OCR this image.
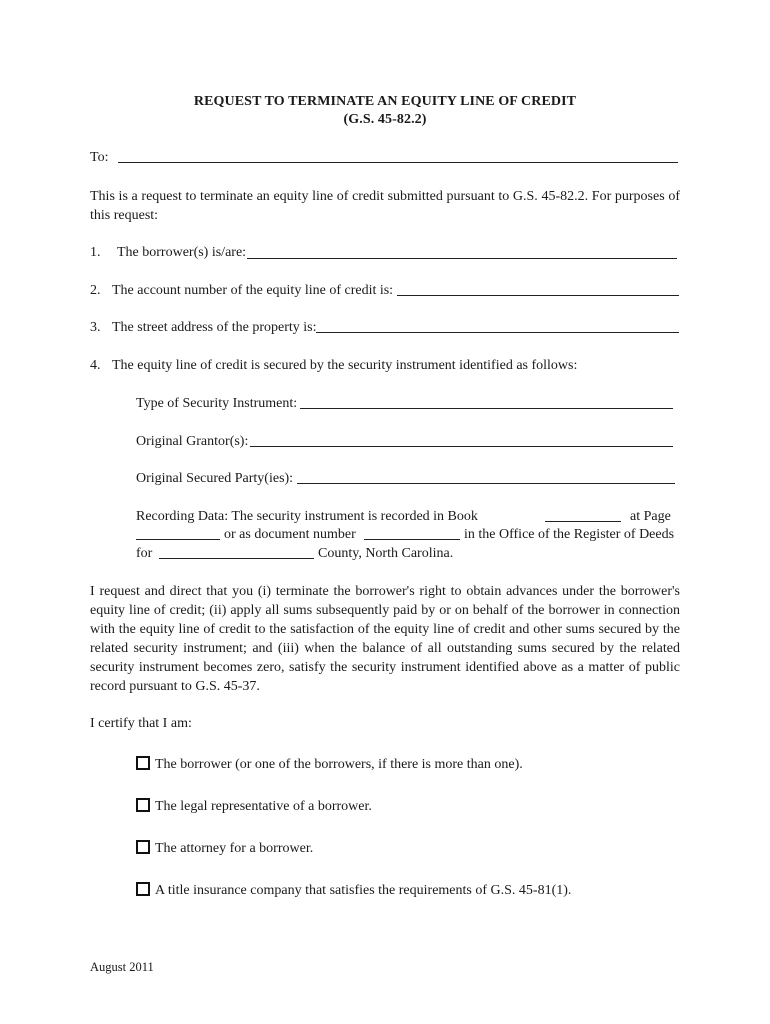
REQUEST TO TERMINATE AN EQUITY LINE OF CREDIT
(G.S. 45-82.2)
To:
This is a request to terminate an equity line of credit submitted pursuant to G.S. 45-82.2. For purposes of this request:
1. The borrower(s) is/are:
2. The account number of the equity line of credit is:
3. The street address of the property is:
4. The equity line of credit is secured by the security instrument identified as follows:
Type of Security Instrument:
Original Grantor(s):
Original Secured Party(ies):
Recording Data: The security instrument is recorded in Book	at Page
or as document number	in the Office of the Register of Deeds
for	County, North Carolina.
I request and direct that you (i) terminate the borrower's right to obtain advances under the borrower's equity line of credit; (ii) apply all sums subsequently paid by or on behalf of the borrower in connection with the equity line of credit to the satisfaction of the equity line of credit and other sums secured by the related security instrument; and (iii) when the balance of all outstanding sums secured by the related security instrument becomes zero, satisfy the security instrument identified above as a matter of public record pursuant to G.S. 45-37.
I certify that I am:
The borrower (or one of the borrowers, if there is more than one).
The legal representative of a borrower.
The attorney for a borrower.
A title insurance company that satisfies the requirements of G.S. 45-81(1).
August 2011
